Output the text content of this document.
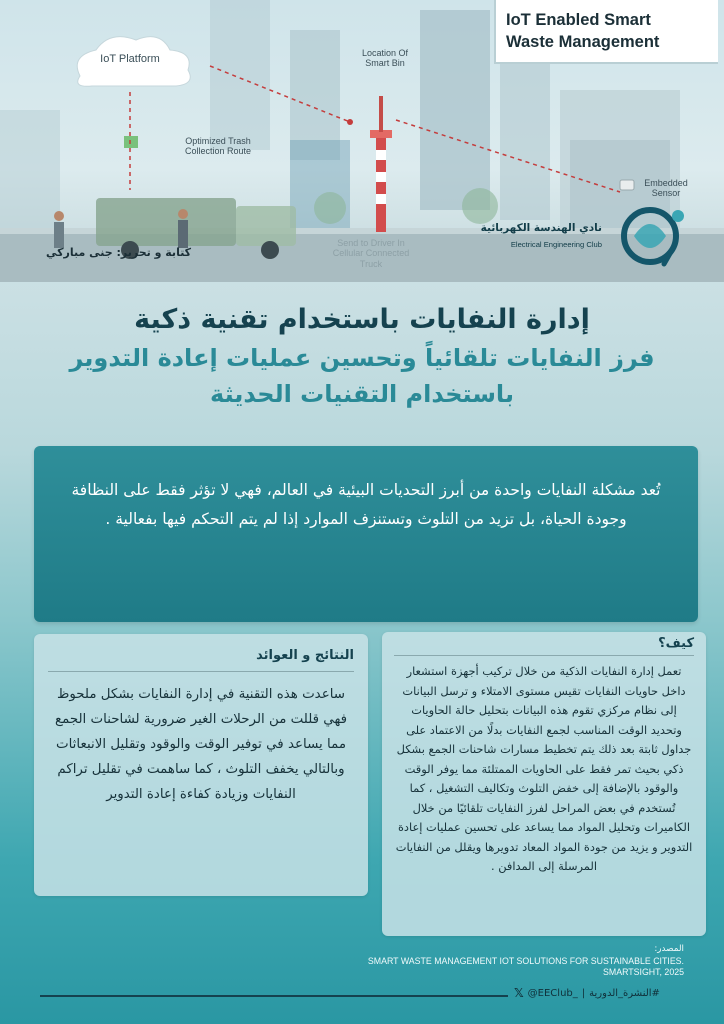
IoT Platform	Location Of Smart Bin
Optimized Trash Collection Route
Embedded Sensor
Send to Driver In Cellular Connected Truck
IoT Enabled Smart
Waste Management
كتابة و تحرير: جنى مباركي
نادي الهندسة الكهربائية
Electrical Engineering Club
إدارة النفايات باستخدام تقنية ذكية
فرز النفايات تلقائياً وتحسين عمليات إعادة التدوير
باستخدام التقنيات الحديثة

تُعد مشكلة النفايات واحدة من أبرز التحديات البيئية في العالم، فهي لا تؤثر فقط على النظافة وجودة الحياة، بل تزيد من التلوث وتستنزف الموارد إذا لم يتم التحكم فيها بفعالية .

كيف؟

تعمل إدارة النفايات الذكية من خلال تركيب أجهزة استشعار داخل حاويات النفايات تقيس مستوى الامتلاء و ترسل البيانات إلى نظام مركزي تقوم هذه البيانات بتحليل حالة الحاويات وتحديد الوقت المناسب لجمع النفايات بدلًا من الاعتماد على جداول ثابتة بعد ذلك يتم تخطيط مسارات شاحنات الجمع بشكل ذكي بحيث تمر فقط على الحاويات الممتلئة مما يوفر الوقت والوقود بالإضافة إلى خفض التلوث وتكاليف التشغيل ، كما تُستخدم في بعض المراحل لفرز النفايات تلقائيًا من خلال الكاميرات وتحليل المواد مما يساعد على تحسين عمليات إعادة التدوير و يزيد من جودة المواد المعاد تدويرها ويقلل من النفايات المرسلة إلى المدافن .

النتائج و العوائد

ساعدت هذه التقنية في إدارة النفايات بشكل ملحوظ فهي قللت من الرحلات الغير ضرورية لشاحنات الجمع مما يساعد في توفير الوقت والوقود وتقليل الانبعاثات وبالتالي يخفف التلوث ، كما ساهمت في تقليل تراكم النفايات وزيادة كفاءة إعادة التدوير

المصدر:
SMART WASTE MANAGEMENT IOT SOLUTIONS FOR SUSTAINABLE CITIES.
SMARTSIGHT, 2025
𝕏 @EEClub_ | #النشرة_الدورية
